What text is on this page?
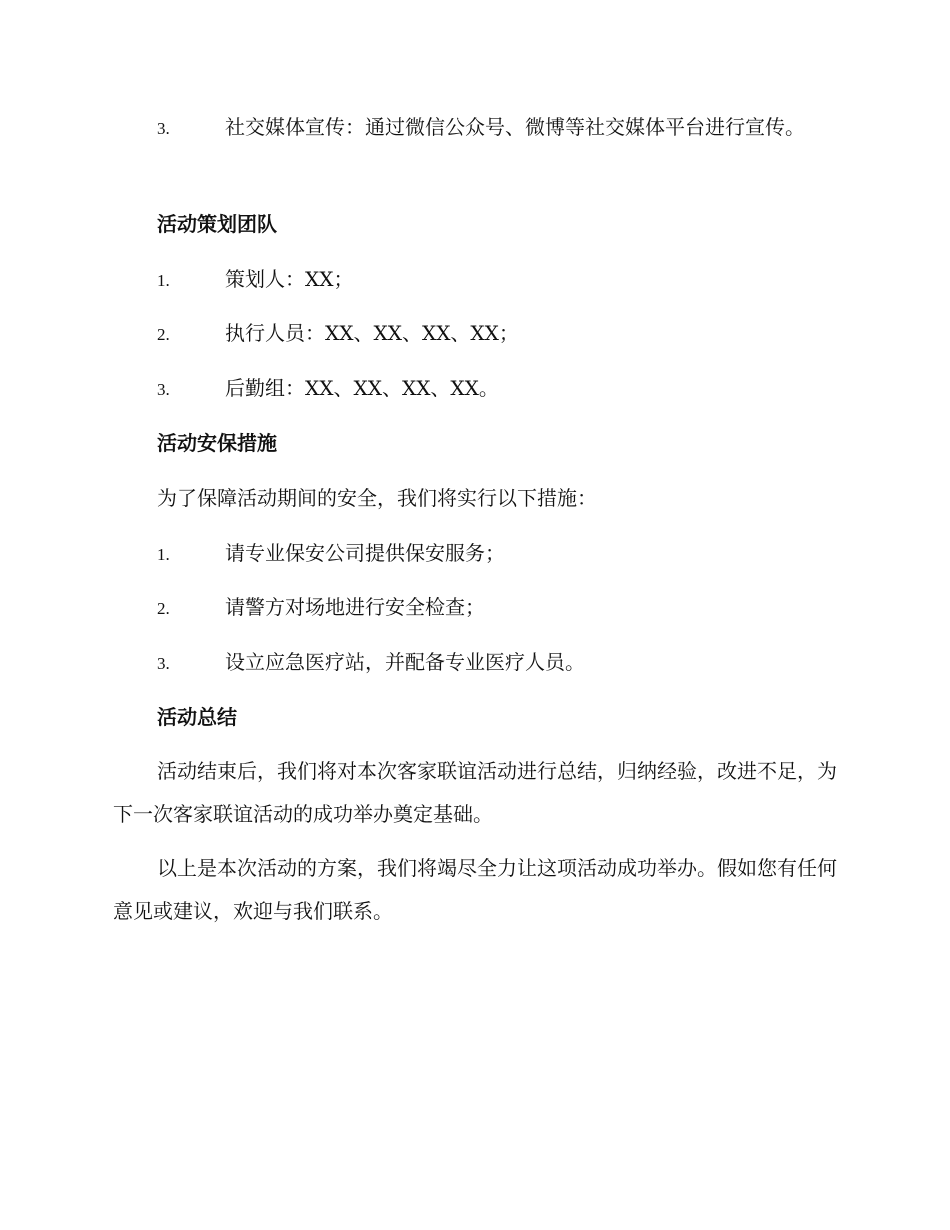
3.	社交媒体宣传：通过微信公众号、微博等社交媒体平台进行宣传。
活动策划团队
1.	策划人：XX；
2.	执行人员：XX、XX、XX、XX；
3.	后勤组：XX、XX、XX、XX。
活动安保措施
为了保障活动期间的安全，我们将实行以下措施：
1.	请专业保安公司提供保安服务；
2.	请警方对场地进行安全检查；
3.	设立应急医疗站，并配备专业医疗人员。
活动总结
活动结束后，我们将对本次客家联谊活动进行总结，归纳经验，改进不足，为下一次客家联谊活动的成功举办奠定基础。
以上是本次活动的方案，我们将竭尽全力让这项活动成功举办。假如您有任何意见或建议，欢迎与我们联系。
